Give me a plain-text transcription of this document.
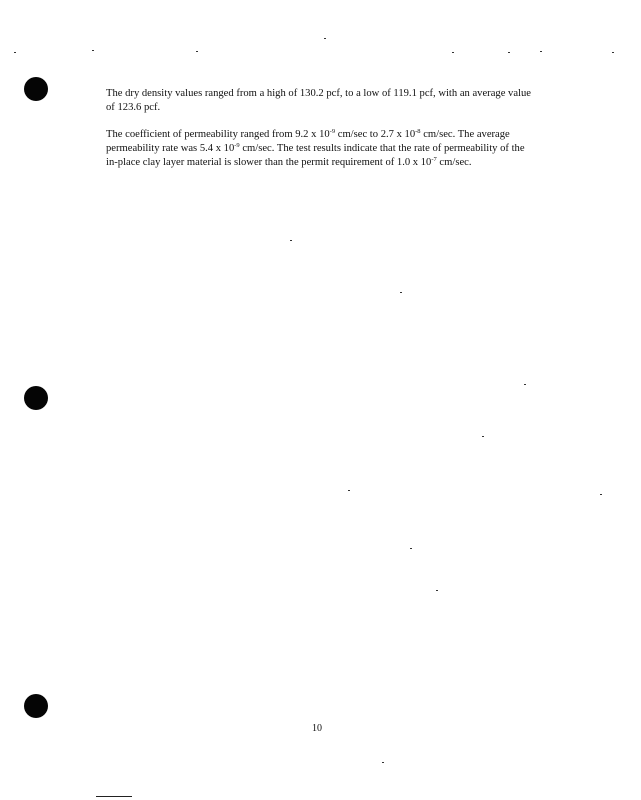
The dry density values ranged from a high of 130.2 pcf, to a low of 119.1 pcf, with an average value of 123.6 pcf.

The coefficient of permeability ranged from 9.2 x $10^{-9}$ cm/sec to 2.7 x $10^{-8}$ cm/sec. The average permeability rate was 5.4 x $10^{-9}$ cm/sec. The test results indicate that the rate of permeability of the in-place clay layer material is slower than the permit requirement of 1.0 x $10^{-7}$ cm/sec.

10
